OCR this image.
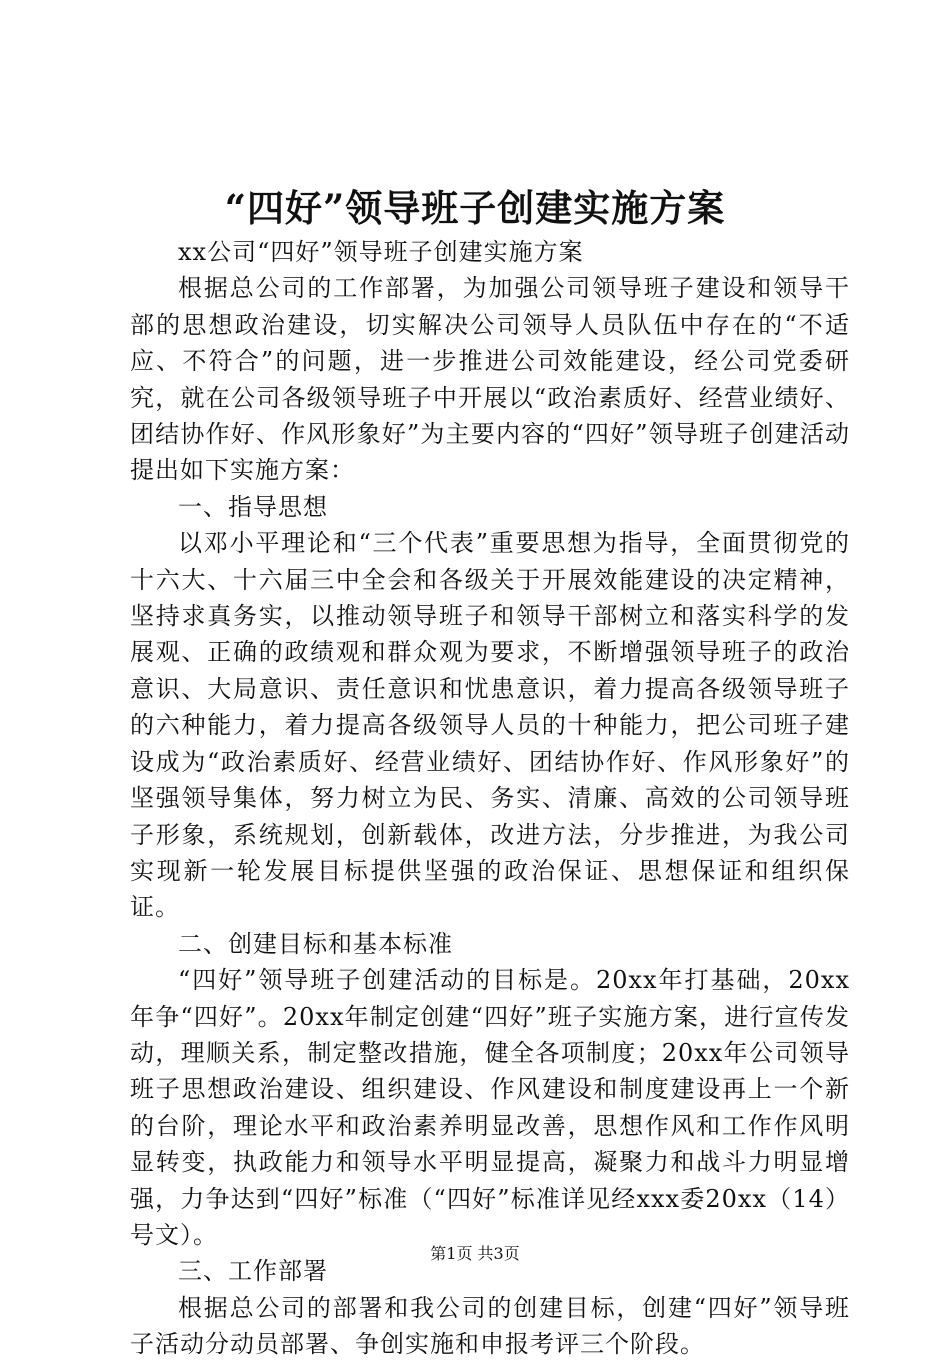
“四好”领导班子创建实施方案

xx公司“四好”领导班子创建实施方案

根据总公司的工作部署，为加强公司领导班子建设和领导干部的思想政治建设，切实解决公司领导人员队伍中存在的“不适应、不符合”的问题，进一步推进公司效能建设，经公司党委研究，就在公司各级领导班子中开展以“政治素质好、经营业绩好、团结协作好、作风形象好”为主要内容的“四好”领导班子创建活动提出如下实施方案：

一、指导思想

以邓小平理论和“三个代表”重要思想为指导，全面贯彻党的十六大、十六届三中全会和各级关于开展效能建设的决定精神，坚持求真务实，以推动领导班子和领导干部树立和落实科学的发展观、正确的政绩观和群众观为要求，不断增强领导班子的政治意识、大局意识、责任意识和忧患意识，着力提高各级领导班子的六种能力，着力提高各级领导人员的十种能力，把公司班子建设成为“政治素质好、经营业绩好、团结协作好、作风形象好”的坚强领导集体，努力树立为民、务实、清廉、高效的公司领导班子形象，系统规划，创新载体，改进方法，分步推进，为我公司实现新一轮发展目标提供坚强的政治保证、思想保证和组织保证。

二、创建目标和基本标准

“四好”领导班子创建活动的目标是。20xx年打基础，20xx年争“四好”。20xx年制定创建“四好”班子实施方案，进行宣传发动，理顺关系，制定整改措施，健全各项制度；20xx年公司领导班子思想政治建设、组织建设、作风建设和制度建设再上一个新的台阶，理论水平和政治素养明显改善，思想作风和工作作风明显转变，执政能力和领导水平明显提高，凝聚力和战斗力明显增强，力争达到“四好”标准（“四好”标准详见经xxx委20xx（14）号文）。

三、工作部署

根据总公司的部署和我公司的创建目标，创建“四好”领导班子活动分动员部署、争创实施和申报考评三个阶段。

第1页 共3页
